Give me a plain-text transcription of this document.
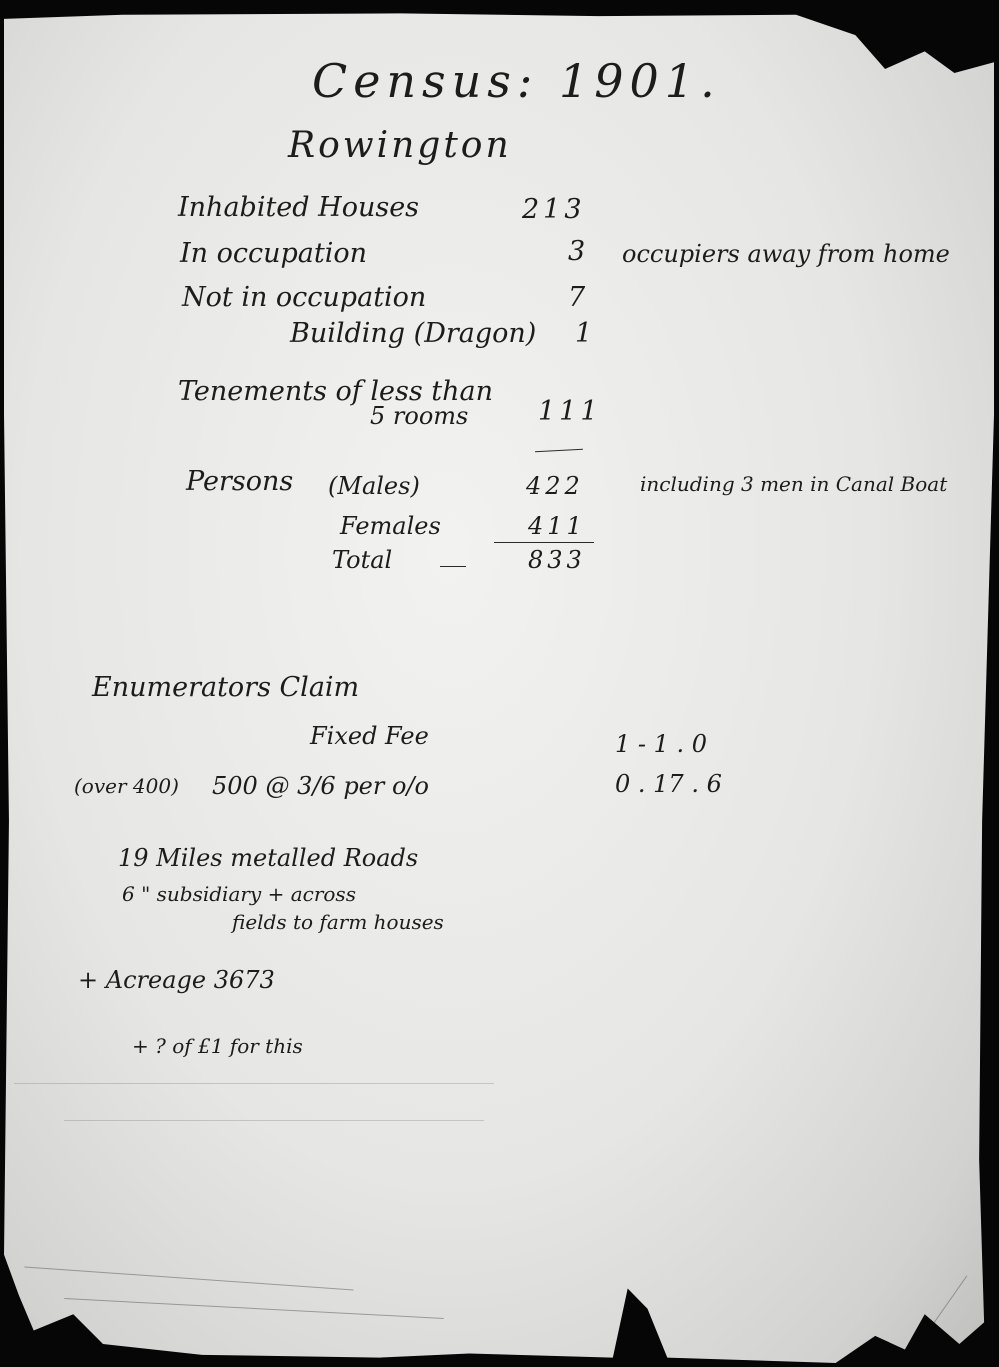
Census: 1901.
Rowington
Inhabited Houses	213
In occupation	3 occupiers away from home
Not in occupation	7
Building (Dragon) 1
Tenements of less than
5 rooms	111
Persons (Males)	422	including 3 men in Canal Boat
Females	411
Total	833
Enumerators Claim
Fixed Fee	1 - 1 . 0
(over 400) 500 @ 3/6 per o/o	0 . 17 . 6
19 Miles metalled Roads
6 " subsidiary + across
fields to farm houses
+ Acreage 3673
+ ? of £1 for this
